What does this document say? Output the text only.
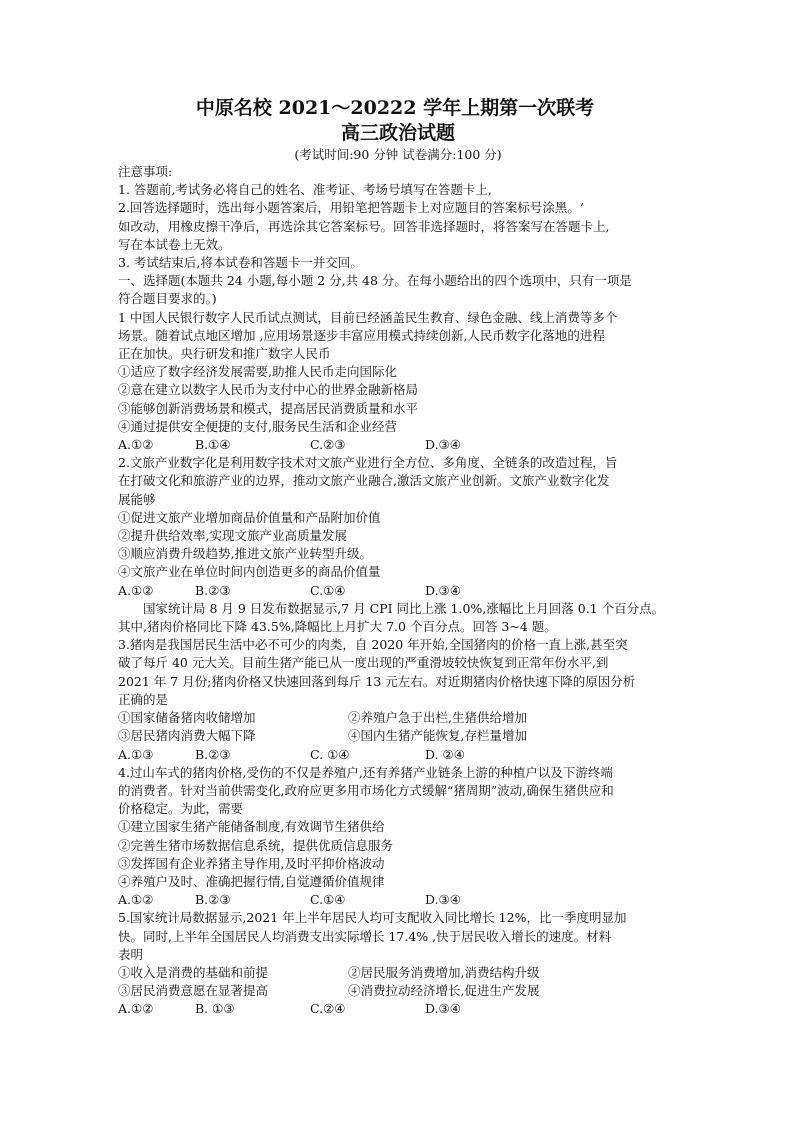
中原名校 2021～20222 学年上期第一次联考
高三政治试题
(考试时间:90 分钟 试卷满分:100 分)
注意事项:
1. 答题前,考试务必将自己的姓名、准考证、考场号填写在答题卡上,
2.回答选择题时，选出每小题答案后，用铅笔把答题卡上对应题目的答案标号涂黑。‘
如改动，用橡皮擦干净后，再选涂其它答案标号。回答非选择题时，将答案写在答题卡上,
写在本试卷上无效。
3. 考试结束后,将本试卷和答题卡一并交回。
一、选择题(本题共 24 小题,每小题 2 分,共 48 分。在每小题给出的四个选项中，只有一项是
符合题目要求的。)
1 中国人民银行数字人民币试点测试，目前已经涵盖民生教育、绿色金融、线上消费等多个
场景。随着试点地区增加 ,应用场景逐步丰富应用模式持续创新,人民币数字化落地的进程
正在加快。央行研发和推广数字人民币
①适应了数字经济发展需要,助推人民币走向国际化
②意在建立以数字人民币为支付中心的世界金融新格局
③能够创新消费场景和模式，提高居民消费质量和水平
④通过提供安全便捷的支付,服务民生活和企业经营
A.①②	B.①④	C.②③	D.③④
2.文旅产业数字化是利用数字技术对文旅产业进行全方位、多角度、全链条的改造过程，旨
在打破文化和旅游产业的边界，推动文旅产业融合,激活文旅产业创新。文旅产业数字化发
展能够
①促进文旅产业增加商品价值量和产品附加价值
②提升供给效率,实现文旅产业高质量发展
③顺应消费升级趋势,推进文旅产业转型升级。
④文旅产业在单位时间内创造更多的商品价值量
A.①②	B.②③	C.①④	D.③④
国家统计局 8 月 9 日发布数据显示,7 月 CPI 同比上涨 1.0%,涨幅比上月回落 0.1 个百分点。
其中,猪肉价格同比下降 43.5%,降幅比上月扩大 7.0 个百分点。回答 3~4 题。
3.猪肉是我国居民生活中必不可少的肉类，自 2020 年开始,全国猪肉的价格一直上涨,甚至突
破了每斤 40 元大关。目前生猪产能已从一度出现的严重滑坡较快恢复到正常年份水平,到
2021 年 7 月份;猪肉价格又快速回落到每斤 13 元左右。对近期猪肉价格快速下降的原因分析
正确的是
①国家储备猪肉收储增加	②养殖户急于出栏,生猪供给增加
③居民猪肉消费大幅下降	④国内生猪产能恢复,存栏量增加
A.①③	B.②③	C. ①④	D. ②④
4.过山车式的猪肉价格,受伤的不仅是养殖户,还有养猪产业链条上游的种植户以及下游终端
的消费者。针对当前供需变化,政府应更多用市场化方式缓解“猪周期”波动,确保生猪供应和
价格稳定。为此，需要
①建立国家生猪产能储备制度,有效调节生猪供给
②完善生猪市场数据信息系统，提供优质信息服务
③发挥国有企业养猪主导作用,及时平抑价格波动
④养殖户及时、准确把握行情,自觉遵循价值规律
A.①②	B.②③	C.①④	D.③④
5.国家统计局数据显示,2021 年上半年居民人均可支配收入同比增长 12%，比一季度明显加
快。同时,上半年全国居民人均消费支出实际增长 17.4% ,快于居民收入增长的速度。材料
表明
①收入是消费的基础和前提	②居民服务消费增加,消费结构升级
③居民消费意愿在显著提高	④消费拉动经济增长,促进生产发展
A.①②	B. ①③	C.②④	D.③④
